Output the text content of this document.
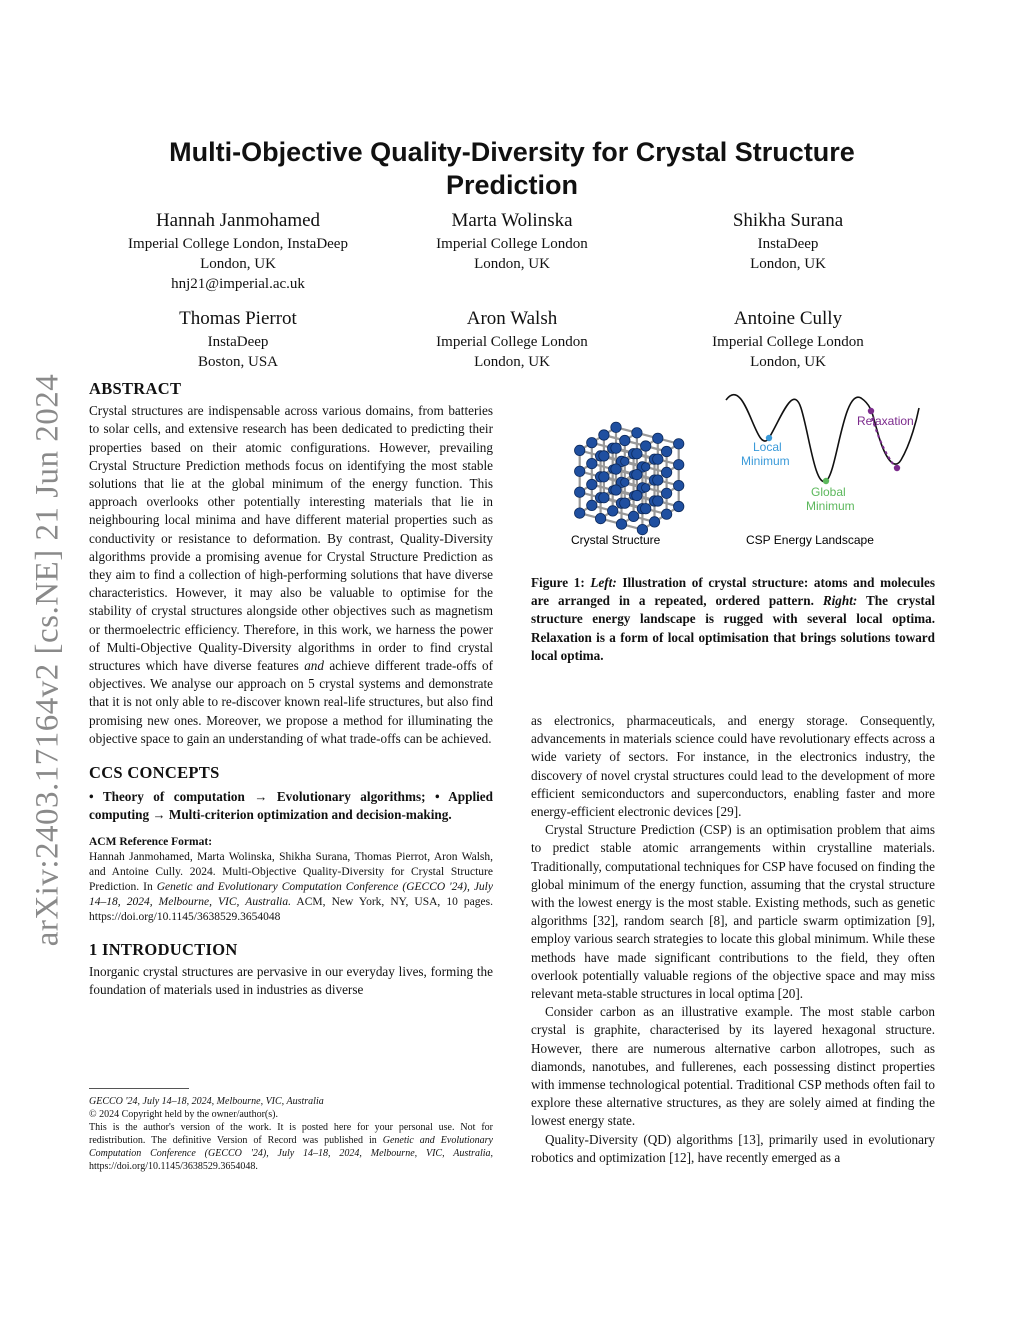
arXiv:2403.17164v2 [cs.NE] 21 Jun 2024
Multi-Objective Quality-Diversity for Crystal Structure Prediction
Hannah Janmohamed
Imperial College London, InstaDeep
London, UK
hnj21@imperial.ac.uk
Marta Wolinska
Imperial College London
London, UK
Shikha Surana
InstaDeep
London, UK
Thomas Pierrot
InstaDeep
Boston, USA
Aron Walsh
Imperial College London
London, UK
Antoine Cully
Imperial College London
London, UK
ABSTRACT

Crystal structures are indispensable across various domains, from batteries to solar cells, and extensive research has been dedicated to predicting their properties based on their atomic configurations. However, prevailing Crystal Structure Prediction methods focus on identifying the most stable solutions that lie at the global minimum of the energy function. This approach overlooks other potentially interesting materials that lie in neighbouring local minima and have different material properties such as conductivity or resistance to deformation. By contrast, Quality-Diversity algorithms provide a promising avenue for Crystal Structure Prediction as they aim to find a collection of high-performing solutions that have diverse characteristics. However, it may also be valuable to optimise for the stability of crystal structures alongside other objectives such as magnetism or thermoelectric efficiency. Therefore, in this work, we harness the power of Multi-Objective Quality-Diversity algorithms in order to find crystal structures which have diverse features and achieve different trade-offs of objectives. We analyse our approach on 5 crystal systems and demonstrate that it is not only able to re-discover known real-life structures, but also find promising new ones. Moreover, we propose a method for illuminating the objective space to gain an understanding of what trade-offs can be achieved.

CCS CONCEPTS

• Theory of computation → Evolutionary algorithms; • Applied computing → Multi-criterion optimization and decision-making.

ACM Reference Format:
Hannah Janmohamed, Marta Wolinska, Shikha Surana, Thomas Pierrot, Aron Walsh, and Antoine Cully. 2024. Multi-Objective Quality-Diversity for Crystal Structure Prediction. In Genetic and Evolutionary Computation Conference (GECCO '24), July 14–18, 2024, Melbourne, VIC, Australia. ACM, New York, NY, USA, 10 pages. https://doi.org/10.1145/3638529.3654048
1 INTRODUCTION

Inorganic crystal structures are pervasive in our everyday lives, forming the foundation of materials used in industries as diverse

GECCO '24, July 14–18, 2024, Melbourne, VIC, Australia
© 2024 Copyright held by the owner/author(s).
This is the author's version of the work. It is posted here for your personal use. Not for redistribution. The definitive Version of Record was published in Genetic and Evolutionary Computation Conference (GECCO '24), July 14–18, 2024, Melbourne, VIC, Australia, https://doi.org/10.1145/3638529.3654048.
Local
Minimum
Global
Minimum
Relaxation
Crystal Structure	CSP Energy Landscape
Figure 1: Left: Illustration of crystal structure: atoms and molecules are arranged in a repeated, ordered pattern. Right: The crystal structure energy landscape is rugged with several local optima. Relaxation is a form of local optimisation that brings solutions toward local optima.

as electronics, pharmaceuticals, and energy storage. Consequently, advancements in materials science could have revolutionary effects across a wide variety of sectors. For instance, in the electronics industry, the discovery of novel crystal structures could lead to the development of more efficient semiconductors and superconductors, enabling faster and more energy-efficient electronic devices [29].

Crystal Structure Prediction (CSP) is an optimisation problem that aims to predict stable atomic arrangements within crystalline materials. Traditionally, computational techniques for CSP have focused on finding the global minimum of the energy function, assuming that the crystal structure with the lowest energy is the most stable. Existing methods, such as genetic algorithms [32], random search [8], and particle swarm optimization [9], employ various search strategies to locate this global minimum. While these methods have made significant contributions to the field, they often overlook potentially valuable regions of the objective space and may miss relevant meta-stable structures in local optima [20].

Consider carbon as an illustrative example. The most stable carbon crystal is graphite, characterised by its layered hexagonal structure. However, there are numerous alternative carbon allotropes, such as diamonds, nanotubes, and fullerenes, each possessing distinct properties with immense technological potential. Traditional CSP methods often fail to explore these alternative structures, as they are solely aimed at finding the lowest energy state.

Quality-Diversity (QD) algorithms [13], primarily used in evolutionary robotics and optimization [12], have recently emerged as a
